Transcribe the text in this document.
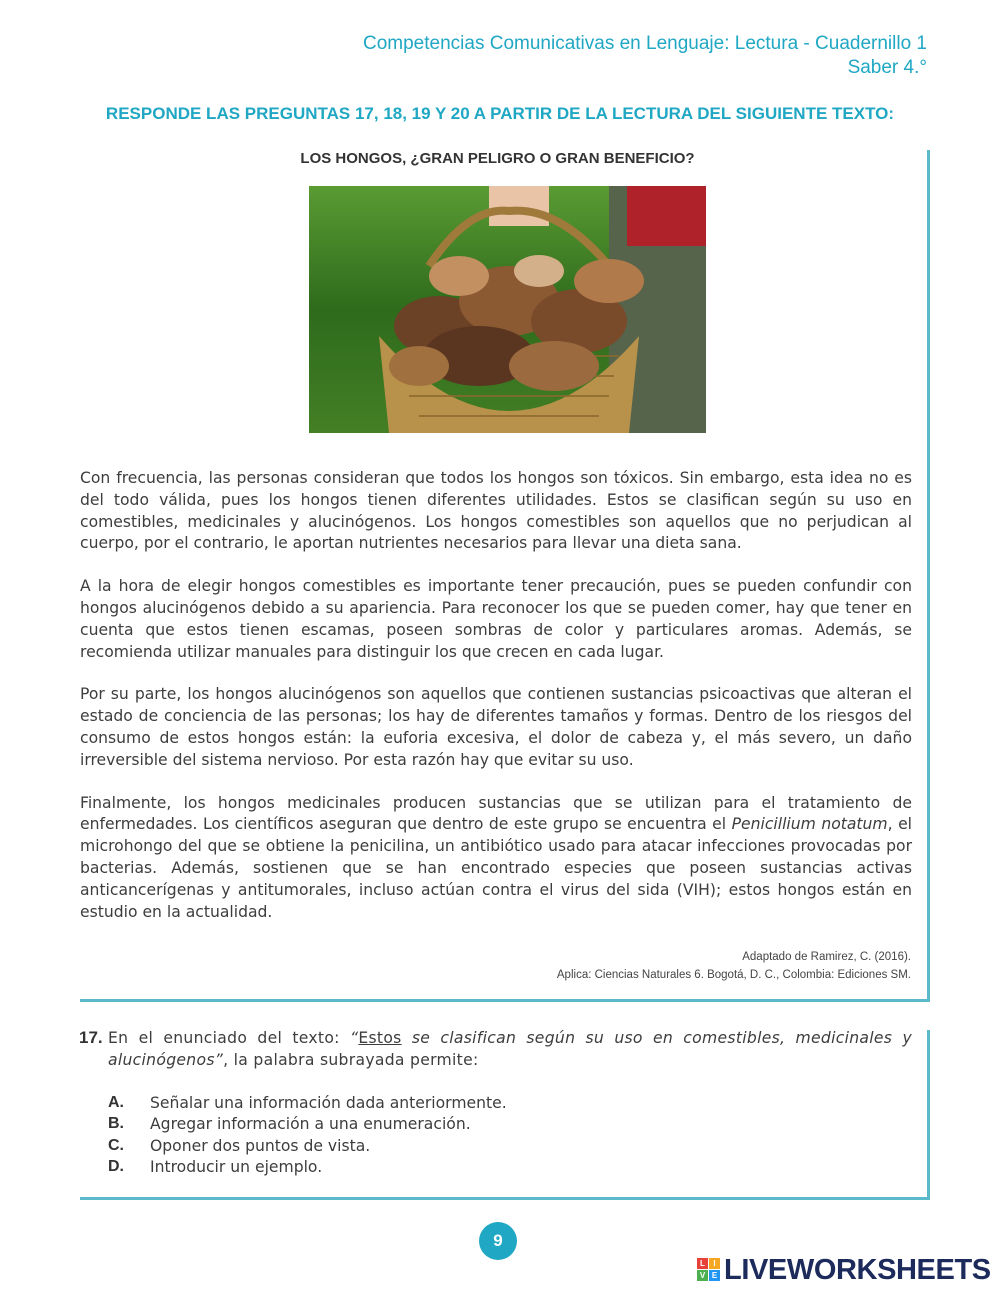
Competencias Comunicativas en Lenguaje: Lectura - Cuadernillo 1
Saber 4.°
RESPONDE LAS PREGUNTAS 17, 18, 19 Y 20 A PARTIR DE LA LECTURA DEL SIGUIENTE TEXTO:
LOS HONGOS, ¿GRAN PELIGRO O GRAN BENEFICIO?

Con frecuencia, las personas consideran que todos los hongos son tóxicos. Sin embargo, esta idea no es del todo válida, pues los hongos tienen diferentes utilidades. Estos se clasifican según su uso en comestibles, medicinales y alucinógenos. Los hongos comestibles son aquellos que no perjudican al cuerpo, por el contrario, le aportan nutrientes necesarios para llevar una dieta sana.

A la hora de elegir hongos comestibles es importante tener precaución, pues se pueden confundir con hongos alucinógenos debido a su apariencia. Para reconocer los que se pueden comer, hay que tener en cuenta que estos tienen escamas, poseen sombras de color y particulares aromas. Además, se recomienda utilizar manuales para distinguir los que crecen en cada lugar.

Por su parte, los hongos alucinógenos son aquellos que contienen sustancias psicoactivas que alteran el estado de conciencia de las personas; los hay de diferentes tamaños y formas. Dentro de los riesgos del consumo de estos hongos están: la euforia excesiva, el dolor de cabeza y, el más severo, un daño irreversible del sistema nervioso. Por esta razón hay que evitar su uso.

Finalmente, los hongos medicinales producen sustancias que se utilizan para el tratamiento de enfermedades. Los científicos aseguran que dentro de este grupo se encuentra el Penicillium notatum, el microhongo del que se obtiene la penicilina, un antibiótico usado para atacar infecciones provocadas por bacterias. Además, sostienen que se han encontrado especies que poseen sustancias activas anticancerígenas y antitumorales, incluso actúan contra el virus del sida (VIH); estos hongos están en estudio en la actualidad.

Adaptado de Ramirez, C. (2016).
Aplica: Ciencias Naturales 6. Bogotá, D. C., Colombia: Ediciones SM.
17. En el enunciado del texto: “Estos se clasifican según su uso en comestibles, medicinales y alucinógenos”, la palabra subrayada permite:
A.	Señalar una información dada anteriormente.
B.	Agregar información a una enumeración.
C.	Oponer dos puntos de vista.
D.	Introducir un ejemplo.
9
L	I
V E LIVEWORKSHEETS
